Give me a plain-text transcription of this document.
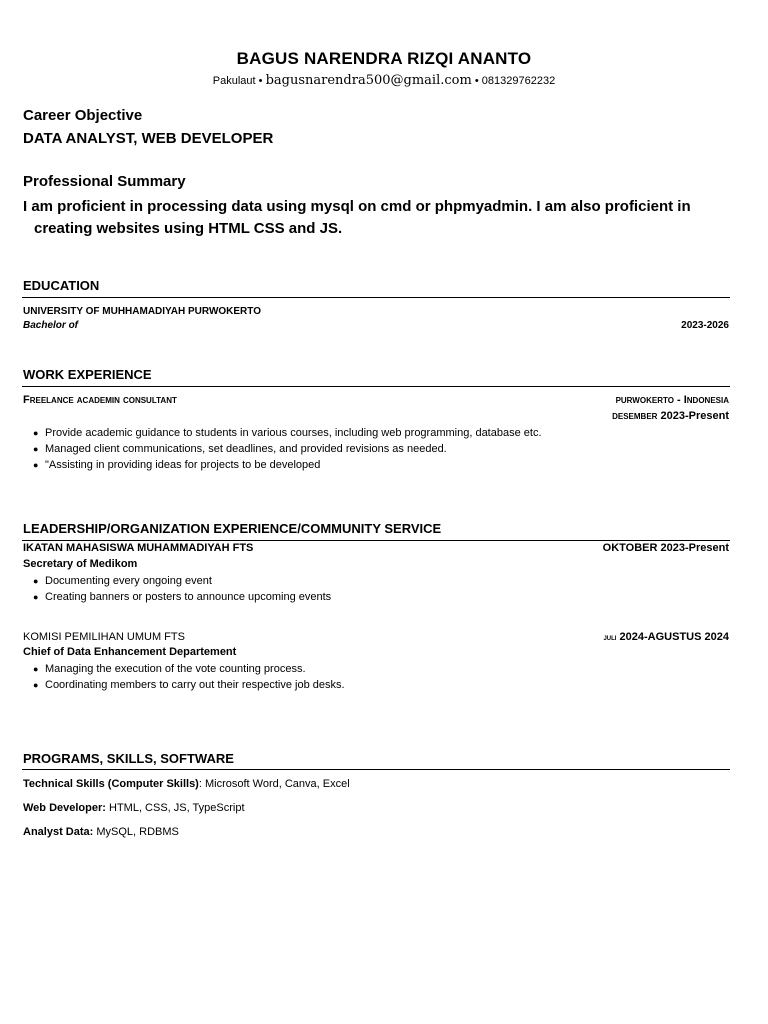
BAGUS NARENDRA RIZQI ANANTO
Pakulaut • bagusnarendra500@gmail.com • 081329762232
Career Objective
DATA ANALYST, WEB DEVELOPER
Professional Summary
I am proficient in processing data using mysql on cmd or phpmyadmin. I am also proficient in
creating websites using HTML CSS and JS.
EDUCATION
UNIVERSITY OF MUHHAMADIYAH PURWOKERTO
Bachelor of	2023-2026
WORK EXPERIENCE
Freelance academin consultant	purwokerto - Indonesia
desember 2023-Present
● Provide academic guidance to students in various courses, including web programming, database etc.
● Managed client communications, set deadlines, and provided revisions as needed.
● "Assisting in providing ideas for projects to be developed
LEADERSHIP/ORGANIZATION EXPERIENCE/COMMUNITY SERVICE
IKATAN MAHASISWA MUHAMMADIYAH FTS	OKTOBER 2023-Present
Secretary of Medikom
● Documenting every ongoing event
● Creating banners or posters to announce upcoming events
KOMISI PEMILIHAN UMUM FTS	juli 2024-AGUSTUS 2024
Chief of Data Enhancement Departement
● Managing the execution of the vote counting process.
● Coordinating members to carry out their respective job desks.
PROGRAMS, SKILLS, SOFTWARE
Technical Skills (Computer Skills): Microsoft Word, Canva, Excel
Web Developer: HTML, CSS, JS, TypeScript
Analyst Data: MySQL, RDBMS
